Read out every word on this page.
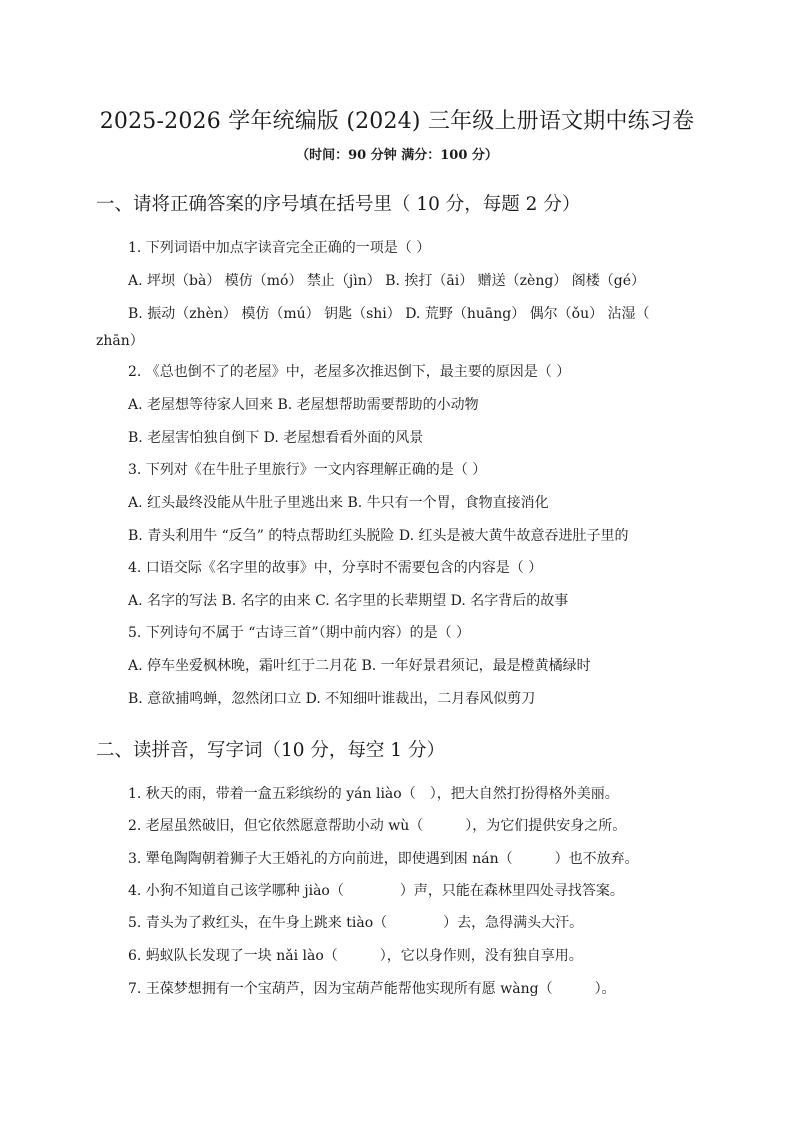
2025-2026 学年统编版 (2024) 三年级上册语文期中练习卷
（时间：90 分钟 满分：100 分）
一、请将正确答案的序号填在括号里（ 10 分，每题 2 分）
1. 下列词语中加点字读音完全正确的一项是（ ）
A. 坪坝（bà） 模仿（mó） 禁止（jìn） B. 挨打（āi） 赠送（zèng） 阁楼（gé）
B. 振动（zhèn） 模仿（mú） 钥匙（shi） D. 荒野（huāng） 偶尔（ǒu） 沾湿（
zhān）
2. 《总也倒不了的老屋》中，老屋多次推迟倒下，最主要的原因是（ ）
A. 老屋想等待家人回来 B. 老屋想帮助需要帮助的小动物
B. 老屋害怕独自倒下 D. 老屋想看看外面的风景
3. 下列对《在牛肚子里旅行》一文内容理解正确的是（ ）
A. 红头最终没能从牛肚子里逃出来 B. 牛只有一个胃，食物直接消化
B. 青头利用牛 “反刍” 的特点帮助红头脱险 D. 红头是被大黄牛故意吞进肚子里的
4. 口语交际《名字里的故事》中，分享时不需要包含的内容是（ ）
A. 名字的写法 B. 名字的由来 C. 名字里的长辈期望 D. 名字背后的故事
5. 下列诗句不属于 “古诗三首”（期中前内容）的是（ ）
A. 停车坐爱枫林晚，霜叶红于二月花 B. 一年好景君须记，最是橙黄橘绿时
B. 意欲捕鸣蝉，忽然闭口立 D. 不知细叶谁裁出，二月春风似剪刀
二、读拼音，写字词（10 分，每空 1 分）
1. 秋天的雨，带着一盒五彩缤纷的 yán liào（　），把大自然打扮得格外美丽。
2. 老屋虽然破旧，但它依然愿意帮助小动 wù（　　　），为它们提供安身之所。
3. 犟龟陶陶朝着狮子大王婚礼的方向前进，即使遇到困 nán（　　　）也不放弃。
4. 小狗不知道自己该学哪种 jiào（　　　　）声，只能在森林里四处寻找答案。
5. 青头为了救红头，在牛身上跳来 tiào（　　　　）去，急得满头大汗。
6. 蚂蚁队长发现了一块 nǎi lào（　　　），它以身作则，没有独自享用。
7. 王葆梦想拥有一个宝葫芦，因为宝葫芦能帮他实现所有愿 wàng（　　　）。
